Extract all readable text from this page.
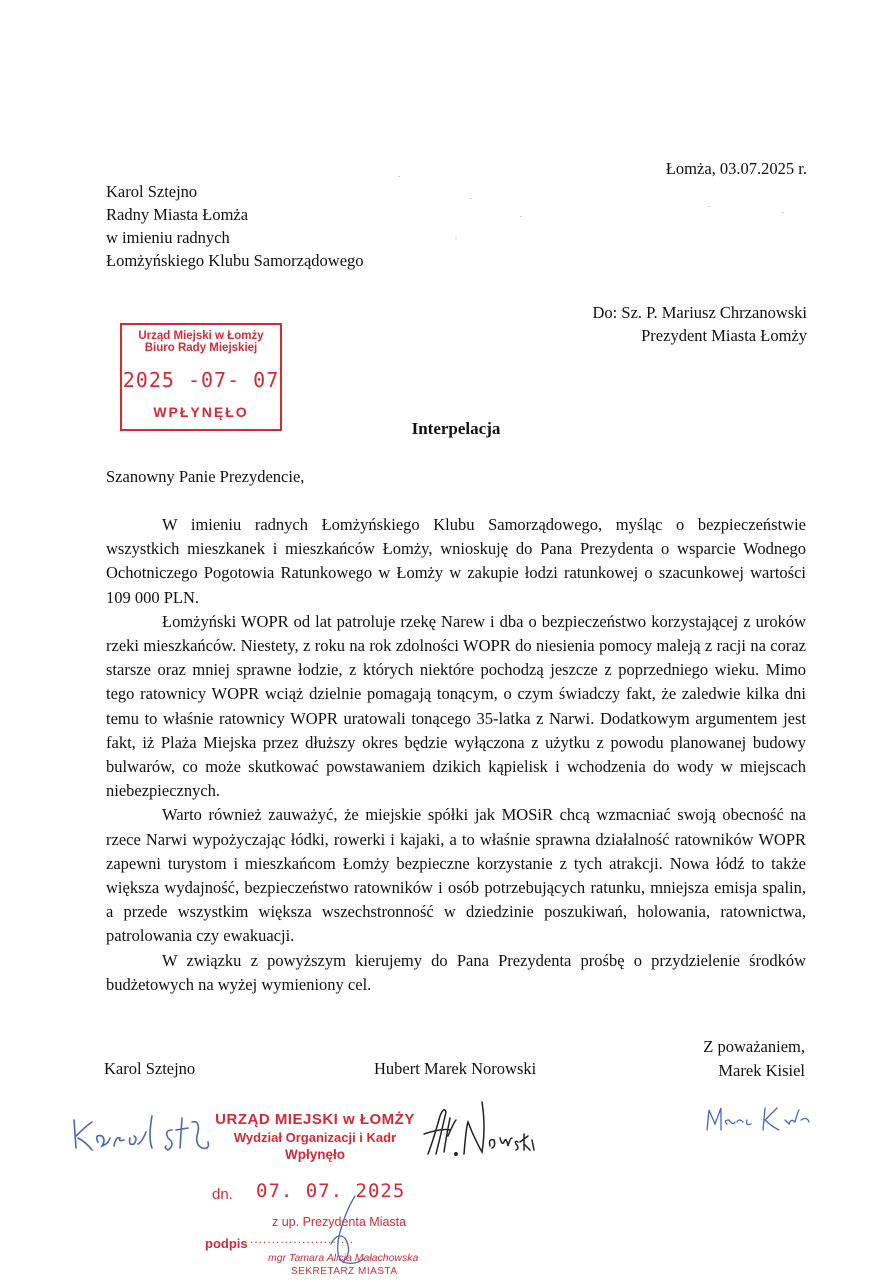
Łomża, 03.07.2025 r.
Karol Sztejno
Radny Miasta Łomża
w imieniu radnych
Łomżyńskiego Klubu Samorządowego
Do: Sz. P. Mariusz Chrzanowski
Prezydent Miasta Łomży
Urząd Miejski w Łomży
Biuro Rady Miejskiej
2025 -07- 07
WPŁYNĘŁO
Interpelacja
Szanowny Panie Prezydencie,

W imieniu radnych Łomżyńskiego Klubu Samorządowego, myśląc o bezpieczeństwie wszystkich mieszkanek i mieszkańców Łomży, wnioskuję do Pana Prezydenta o wsparcie Wodnego Ochotniczego Pogotowia Ratunkowego w Łomży w zakupie łodzi ratunkowej o szacunkowej wartości 109 000 PLN.

Łomżyński WOPR od lat patroluje rzekę Narew i dba o bezpieczeństwo korzystającej z uroków rzeki mieszkańców. Niestety, z roku na rok zdolności WOPR do niesienia pomocy maleją z racji na coraz starsze oraz mniej sprawne łodzie, z których niektóre pochodzą jeszcze z poprzedniego wieku. Mimo tego ratownicy WOPR wciąż dzielnie pomagają tonącym, o czym świadczy fakt, że zaledwie kilka dni temu to właśnie ratownicy WOPR uratowali tonącego 35-latka z Narwi. Dodatkowym argumentem jest fakt, iż Plaża Miejska przez dłuższy okres będzie wyłączona z użytku z powodu planowanej budowy bulwarów, co może skutkować powstawaniem dzikich kąpielisk i wchodzenia do wody w miejscach niebezpiecznych.

Warto również zauważyć, że miejskie spółki jak MOSiR chcą wzmacniać swoją obecność na rzece Narwi wypożyczając łódki, rowerki i kajaki, a to właśnie sprawna działalność ratowników WOPR zapewni turystom i mieszkańcom Łomży bezpieczne korzystanie z tych atrakcji. Nowa łódź to także większa wydajność, bezpieczeństwo ratowników i osób potrzebujących ratunku, mniejsza emisja spalin, a przede wszystkim większa wszechstronność w dziedzinie poszukiwań, holowania, ratownictwa, patrolowania czy ewakuacji.

W związku z powyższym kierujemy do Pana Prezydenta prośbę o przydzielenie środków budżetowych na wyżej wymieniony cel.

Z poważaniem,
Marek Kisiel
Karol Sztejno	Hubert Marek Norowski
URZĄD MIEJSKI w ŁOMŻY
Wydział Organizacji i Kadr
Wpłynęło
dn. 07. 07. 2025
z up. Prezydenta Miasta
podpis ........................
mgr Tamara Alicja Małachowska
SEKRETARZ MIASTA
